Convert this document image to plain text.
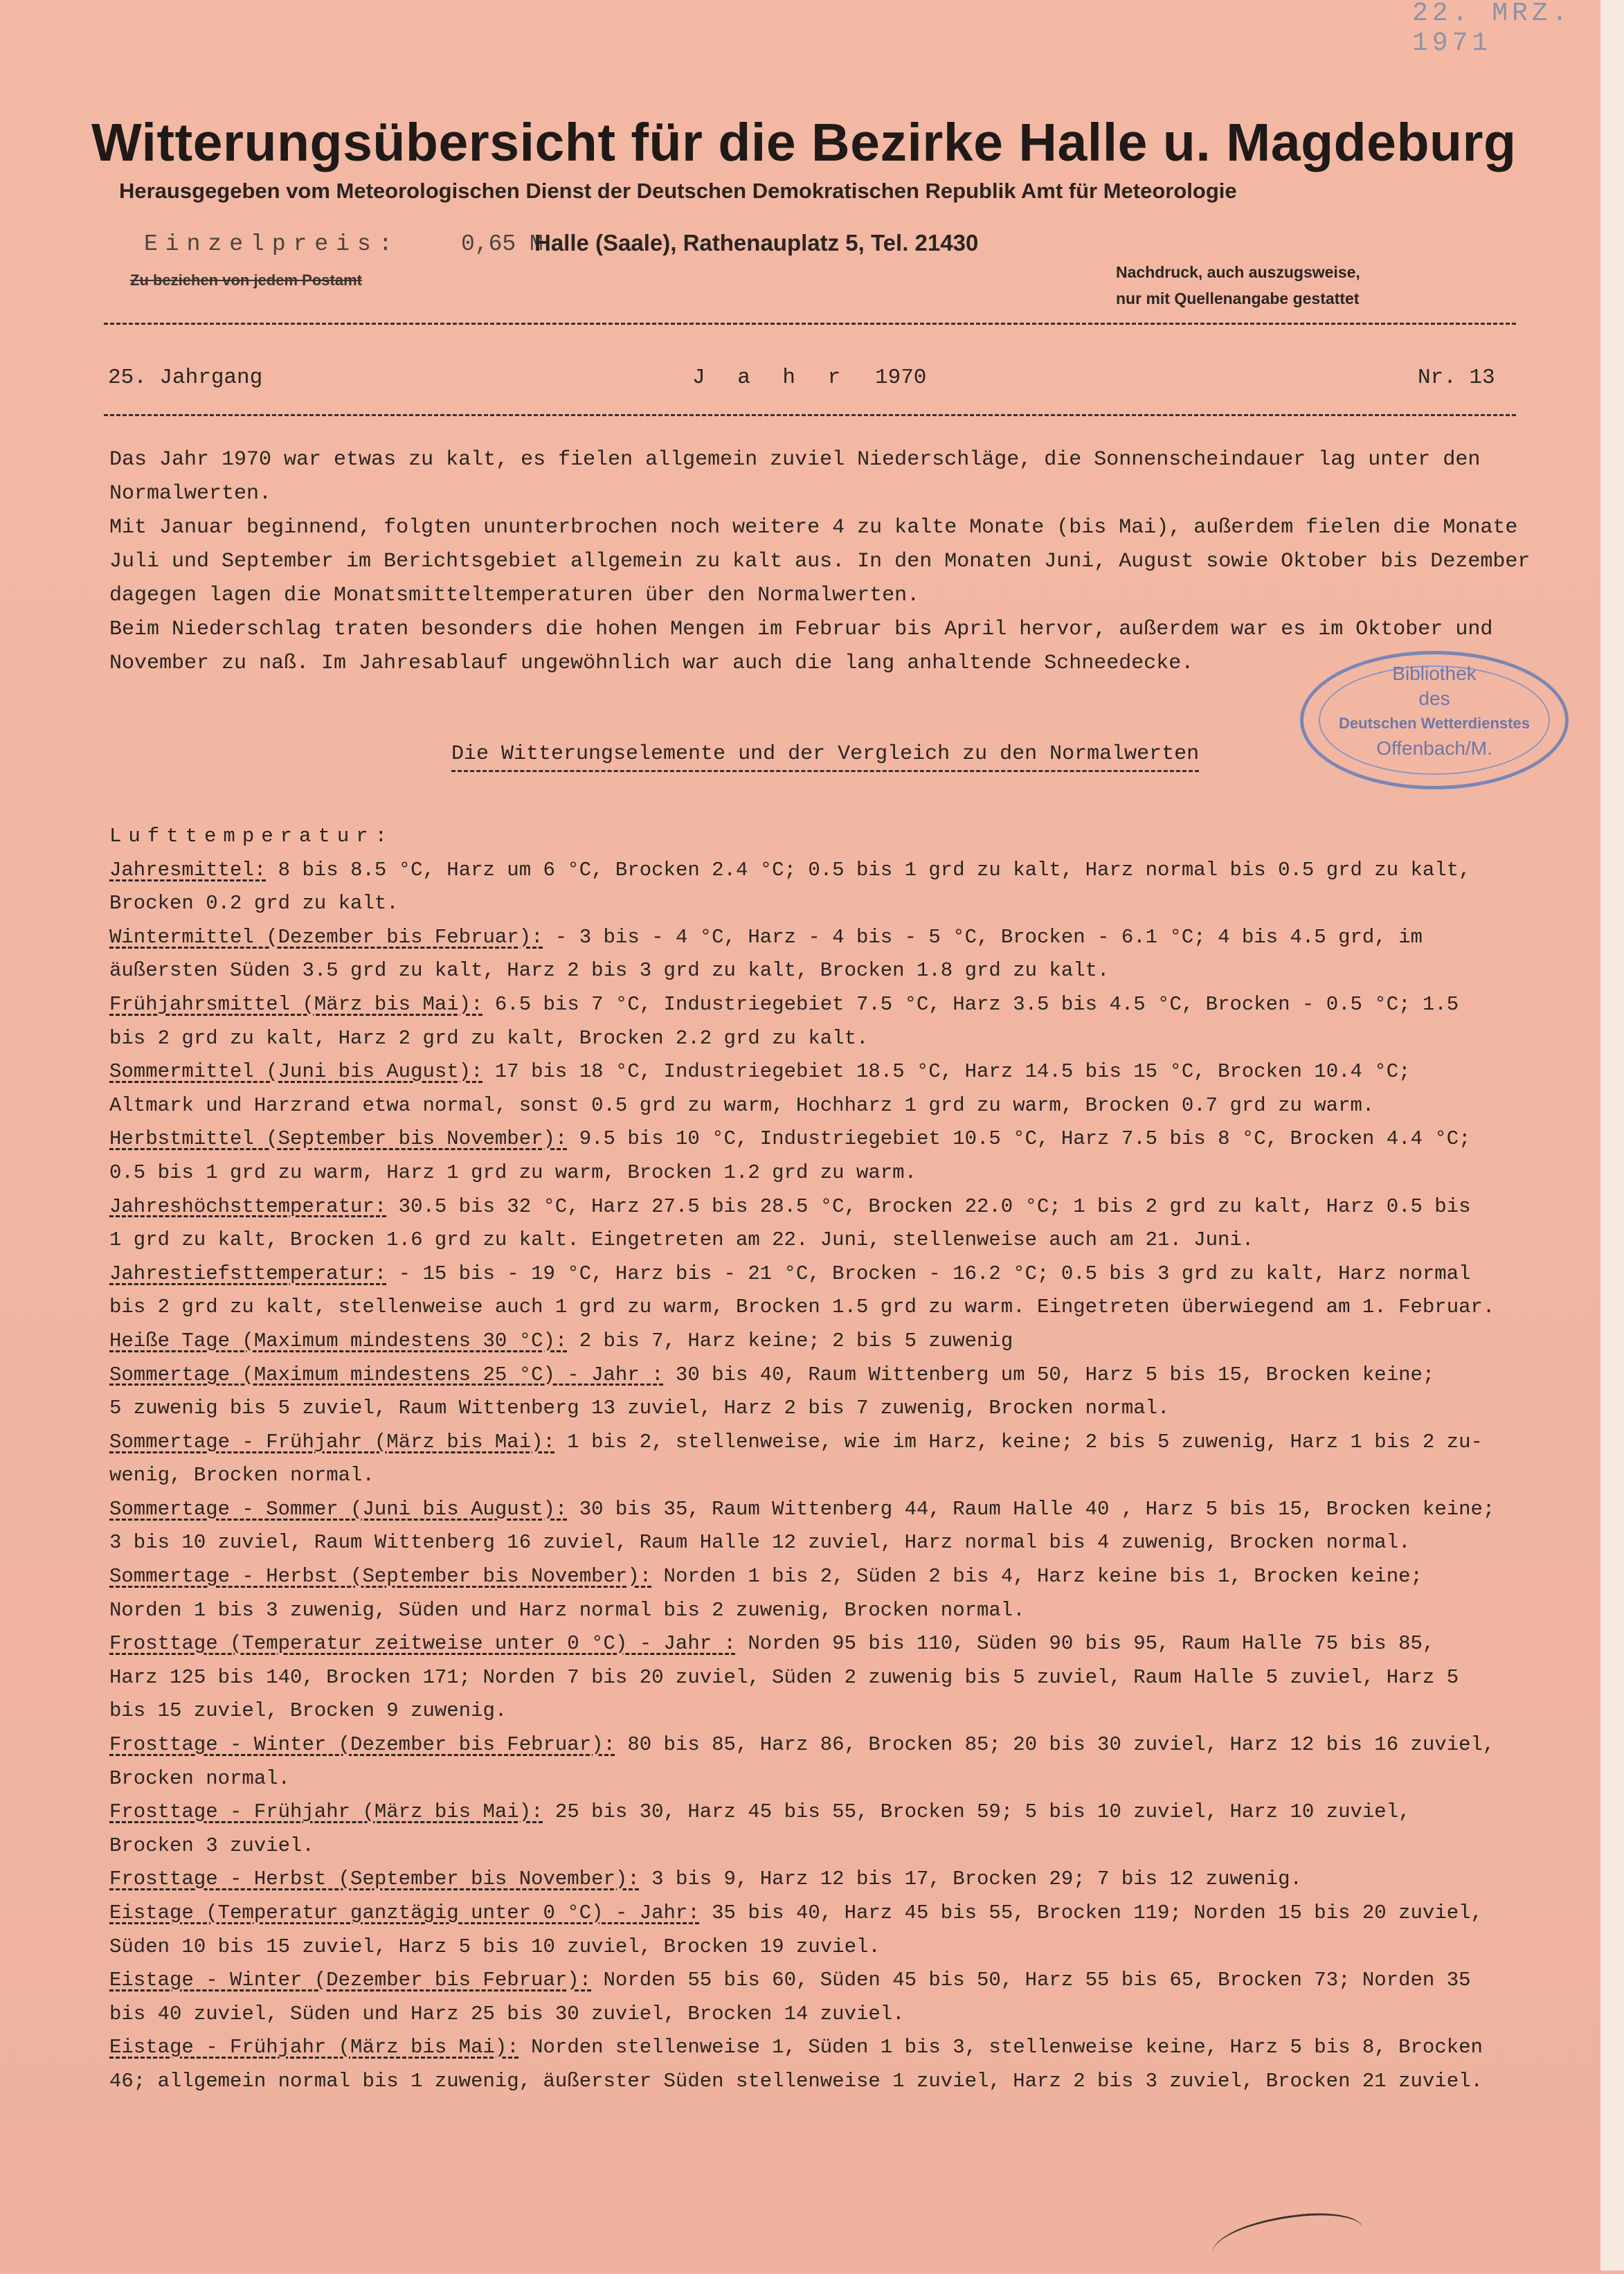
22. MRZ. 1971
Witterungsübersicht für die Bezirke Halle u. Magdeburg
Herausgegeben vom Meteorologischen Dienst der Deutschen Demokratischen Republik Amt für Meteorologie
Einzelpreis:	0,65 M
Halle (Saale), Rathenauplatz 5, Tel. 21430
Zu beziehen von jedem Postamt	Nachdruck, auch auszugsweise,
nur mit Quellenangabe gestattet
25. Jahrgang	J a h r 1970	Nr. 13
Das Jahr 1970 war etwas zu kalt, es fielen allgemein zuviel Niederschläge, die Sonnenscheindauer lag unter den
Normalwerten.
Mit Januar beginnend, folgten ununterbrochen noch weitere 4 zu kalte Monate (bis Mai), außerdem fielen die Monate
Juli und September im Berichtsgebiet allgemein zu kalt aus. In den Monaten Juni, August sowie Oktober bis Dezember
dagegen lagen die Monatsmitteltemperaturen über den Normalwerten.
Beim Niederschlag traten besonders die hohen Mengen im Februar bis April hervor, außerdem war es im Oktober und
November zu naß. Im Jahresablauf ungewöhnlich war auch die lang anhaltende Schneedecke.	Bibliothek
des
Deutschen Wetterdienstes
Offenbach/M.
Die Witterungselemente und der Vergleich zu den Normalwerten
Lufttemperatur:
Jahresmittel: 8 bis 8.5 °C, Harz um 6 °C, Brocken 2.4 °C; 0.5 bis 1 grd zu kalt, Harz normal bis 0.5 grd zu kalt,
Brocken 0.2 grd zu kalt.
Wintermittel (Dezember bis Februar): - 3 bis - 4 °C, Harz - 4 bis - 5 °C, Brocken - 6.1 °C; 4 bis 4.5 grd, im
äußersten Süden 3.5 grd zu kalt, Harz 2 bis 3 grd zu kalt, Brocken 1.8 grd zu kalt.
Frühjahrsmittel (März bis Mai): 6.5 bis 7 °C, Industriegebiet 7.5 °C, Harz 3.5 bis 4.5 °C, Brocken - 0.5 °C; 1.5
bis 2 grd zu kalt, Harz 2 grd zu kalt, Brocken 2.2 grd zu kalt.
Sommermittel (Juni bis August): 17 bis 18 °C, Industriegebiet 18.5 °C, Harz 14.5 bis 15 °C, Brocken 10.4 °C;
Altmark und Harzrand etwa normal, sonst 0.5 grd zu warm, Hochharz 1 grd zu warm, Brocken 0.7 grd zu warm.
Herbstmittel (September bis November): 9.5 bis 10 °C, Industriegebiet 10.5 °C, Harz 7.5 bis 8 °C, Brocken 4.4 °C;
0.5 bis 1 grd zu warm, Harz 1 grd zu warm, Brocken 1.2 grd zu warm.
Jahreshöchsttemperatur: 30.5 bis 32 °C, Harz 27.5 bis 28.5 °C, Brocken 22.0 °C; 1 bis 2 grd zu kalt, Harz 0.5 bis
1 grd zu kalt, Brocken 1.6 grd zu kalt. Eingetreten am 22. Juni, stellenweise auch am 21. Juni.
Jahrestiefsttemperatur: - 15 bis - 19 °C, Harz bis - 21 °C, Brocken - 16.2 °C; 0.5 bis 3 grd zu kalt, Harz normal
bis 2 grd zu kalt, stellenweise auch 1 grd zu warm, Brocken 1.5 grd zu warm. Eingetreten überwiegend am 1. Februar.
Heiße Tage (Maximum mindestens 30 °C): 2 bis 7, Harz keine; 2 bis 5 zuwenig
Sommertage (Maximum mindestens 25 °C) - Jahr : 30 bis 40, Raum Wittenberg um 50, Harz 5 bis 15, Brocken keine;
5 zuwenig bis 5 zuviel, Raum Wittenberg 13 zuviel, Harz 2 bis 7 zuwenig, Brocken normal.
Sommertage - Frühjahr (März bis Mai): 1 bis 2, stellenweise, wie im Harz, keine; 2 bis 5 zuwenig, Harz 1 bis 2 zu-
wenig, Brocken normal.
Sommertage - Sommer (Juni bis August): 30 bis 35, Raum Wittenberg 44, Raum Halle 40 , Harz 5 bis 15, Brocken keine;
3 bis 10 zuviel, Raum Wittenberg 16 zuviel, Raum Halle 12 zuviel, Harz normal bis 4 zuwenig, Brocken normal.
Sommertage - Herbst (September bis November): Norden 1 bis 2, Süden 2 bis 4, Harz keine bis 1, Brocken keine;
Norden 1 bis 3 zuwenig, Süden und Harz normal bis 2 zuwenig, Brocken normal.
Frosttage (Temperatur zeitweise unter 0 °C) - Jahr : Norden 95 bis 110, Süden 90 bis 95, Raum Halle 75 bis 85,
Harz 125 bis 140, Brocken 171; Norden 7 bis 20 zuviel, Süden 2 zuwenig bis 5 zuviel, Raum Halle 5 zuviel, Harz 5
bis 15 zuviel, Brocken 9 zuwenig.
Frosttage - Winter (Dezember bis Februar): 80 bis 85, Harz 86, Brocken 85; 20 bis 30 zuviel, Harz 12 bis 16 zuviel,
Brocken normal.
Frosttage - Frühjahr (März bis Mai): 25 bis 30, Harz 45 bis 55, Brocken 59; 5 bis 10 zuviel, Harz 10 zuviel,
Brocken 3 zuviel.
Frosttage - Herbst (September bis November): 3 bis 9, Harz 12 bis 17, Brocken 29; 7 bis 12 zuwenig.
Eistage (Temperatur ganztägig unter 0 °C) - Jahr: 35 bis 40, Harz 45 bis 55, Brocken 119; Norden 15 bis 20 zuviel,
Süden 10 bis 15 zuviel, Harz 5 bis 10 zuviel, Brocken 19 zuviel.
Eistage - Winter (Dezember bis Februar): Norden 55 bis 60, Süden 45 bis 50, Harz 55 bis 65, Brocken 73; Norden 35
bis 40 zuviel, Süden und Harz 25 bis 30 zuviel, Brocken 14 zuviel.
Eistage - Frühjahr (März bis Mai): Norden stellenweise 1, Süden 1 bis 3, stellenweise keine, Harz 5 bis 8, Brocken
46; allgemein normal bis 1 zuwenig, äußerster Süden stellenweise 1 zuviel, Harz 2 bis 3 zuviel, Brocken 21 zuviel.
